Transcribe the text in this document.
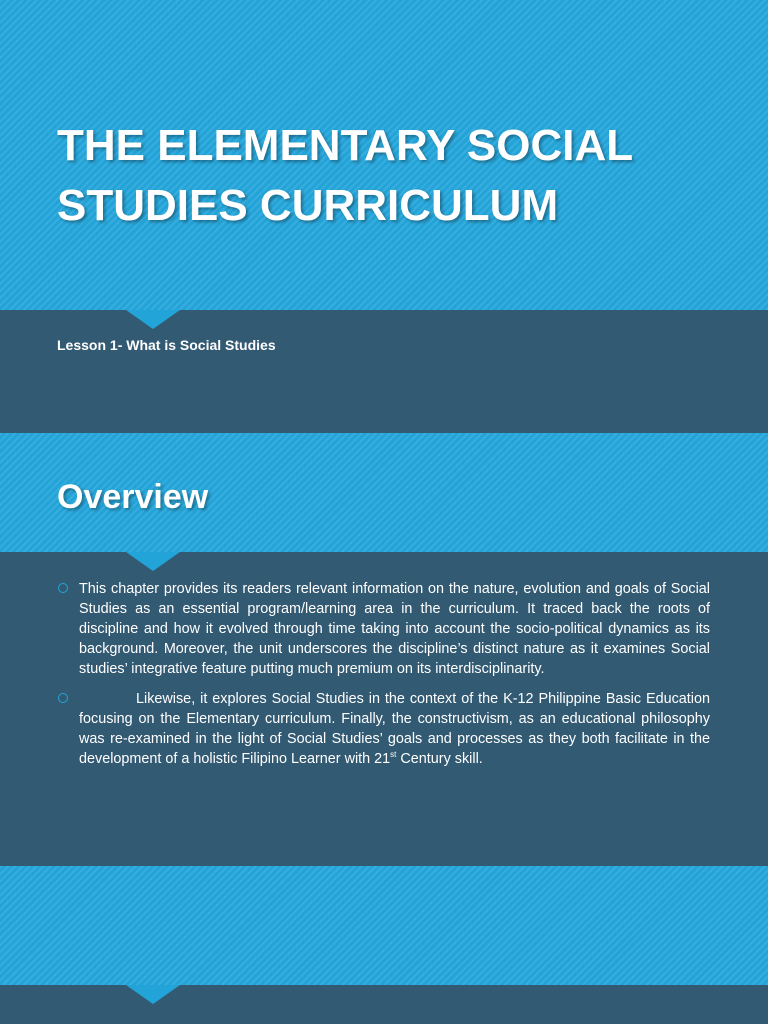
THE ELEMENTARY SOCIAL STUDIES CURRICULUM
Lesson 1- What is Social Studies
Overview
This chapter provides its readers relevant information on the nature, evolution and goals of Social Studies as an essential program/learning area in the curriculum. It traced back the roots of discipline and how it evolved through time taking into account the socio-political dynamics as its background. Moreover, the unit underscores the discipline’s distinct nature as it examines Social studies’ integrative feature putting much premium on its interdisciplinarity.
Likewise, it explores Social Studies in the context of the K-12 Philippine Basic Education focusing on the Elementary curriculum. Finally, the constructivism, as an educational philosophy was re-examined in the light of Social Studies’ goals and processes as they both facilitate in the development of a holistic Filipino Learner with 21st Century skill.
